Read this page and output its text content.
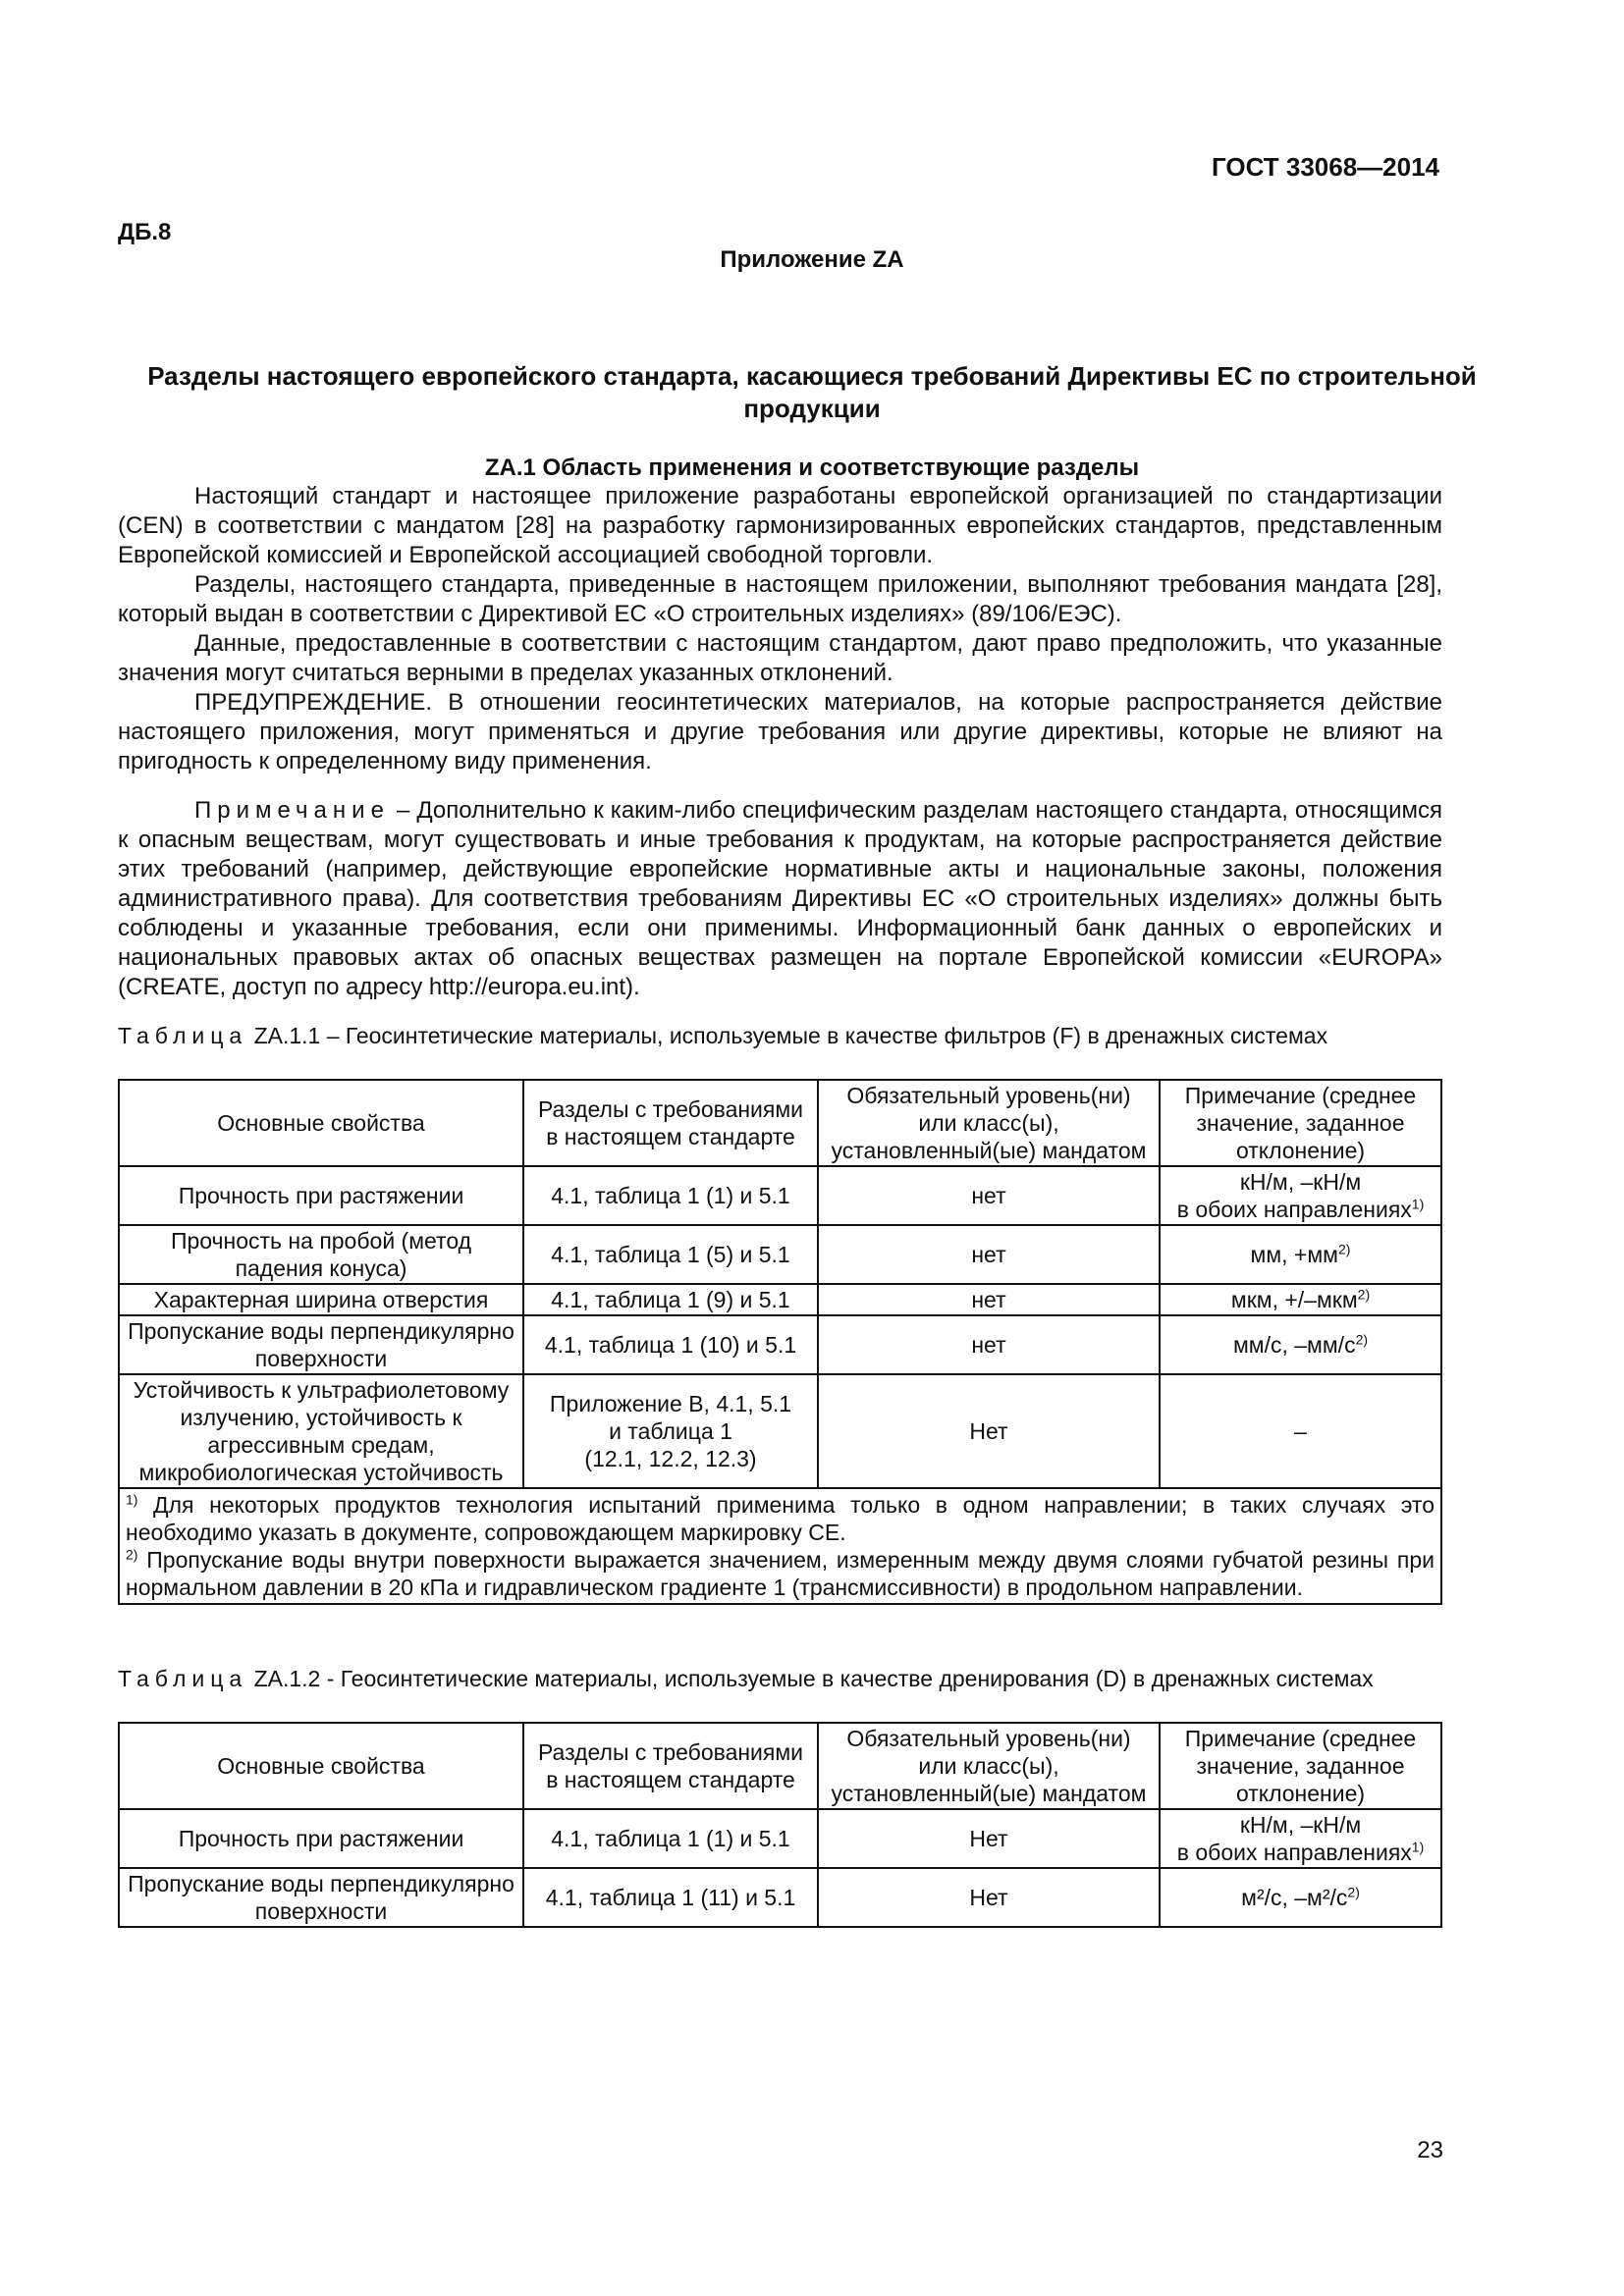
ГОСТ 33068—2014
ДБ.8
Приложение ZA
Разделы настоящего европейского стандарта, касающиеся требований Директивы ЕС по строительной продукции
ZA.1 Область применения и соответствующие разделы

Настоящий стандарт и настоящее приложение разработаны европейской организацией по стандартизации (CEN) в соответствии с мандатом [28] на разработку гармонизированных европейских стандартов, представленным Европейской комиссией и Европейской ассоциацией свободной торговли.

Разделы, настоящего стандарта, приведенные в настоящем приложении, выполняют требования мандата [28], который выдан в соответствии с Директивой ЕС «О строительных изделиях» (89/106/ЕЭС).

Данные, предоставленные в соответствии с настоящим стандартом, дают право предположить, что указанные значения могут считаться верными в пределах указанных отклонений.

ПРЕДУПРЕЖДЕНИЕ. В отношении геосинтетических материалов, на которые распространяется действие настоящего приложения, могут применяться и другие требования или другие директивы, которые не влияют на пригодность к определенному виду применения.

Примечание – Дополнительно к каким-либо специфическим разделам настоящего стандарта, относящимся к опасным веществам, могут существовать и иные требования к продуктам, на которые распространяется действие этих требований (например, действующие европейские нормативные акты и национальные законы, положения административного права). Для соответствия требованиям Директивы ЕС «О строительных изделиях» должны быть соблюдены и указанные требования, если они применимы. Информационный банк данных о европейских и национальных правовых актах об опасных веществах размещен на портале Европейской комиссии «EUROPA» (CREATE, доступ по адресу http://europa.eu.int).

Таблица ZA.1.1 – Геосинтетические материалы, используемые в качестве фильтров (F) в дренажных системах
Основные свойства	Разделы с требованиями в настоящем стандарте	Обязательный уровень(ни) или класс(ы), установленный(ые) мандатом	Примечание (среднее значение, заданное отклонение)
Прочность при растяжении	4.1, таблица 1 (1) и 5.1	нет	кН/м, –кН/м
в обоих направлениях$^{1)}$
Прочность на пробой (метод падения конуса)	4.1, таблица 1 (5) и 5.1	нет	мм, $+мм^{2)}$
Характерная ширина отверстия	4.1, таблица 1 (9) и 5.1	нет	мкм, +/–мкм$^{2)}$
Пропускание воды перпендикулярно поверхности	4.1, таблица 1 (10) и 5.1	нет	мм/с, $-мм/с^{2)}$
Устойчивость к ультрафиолетовому излучению, устойчивость к агрессивным средам, микробиологическая устойчивость	Приложение В, 4.1, 5.1
и таблица 1
(12.1, 12.2, 12.3)	Нет	–

$^{1)}$ Для некоторых продуктов технология испытаний применима только в одном направлении; в таких случаях это необходимо указать в документе, сопровождающем маркировку СЕ.

$^{2)}$ Пропускание воды внутри поверхности выражается значением, измеренным между двумя слоями губчатой резины при нормальном давлении в 20 кПа и гидравлическом градиенте 1 (трансмиссивности) в продольном направлении.			

Таблица ZA.1.2 - Геосинтетические материалы, используемые в качестве дренирования (D) в дренажных системах
Основные свойства	Разделы с требованиями в настоящем стандарте	Обязательный уровень(ни) или класс(ы), установленный(ые) мандатом	Примечание (среднее значение, заданное отклонение)
Прочность при растяжении	4.1, таблица 1 (1) и 5.1	Нет	кН/м, –кН/м
в обоих направлениях$^{1)}$
Пропускание воды перпендикулярно поверхности	4.1, таблица 1 (11) и 5.1	Нет	м²/с, $-м^2/с^{2)}$
23
